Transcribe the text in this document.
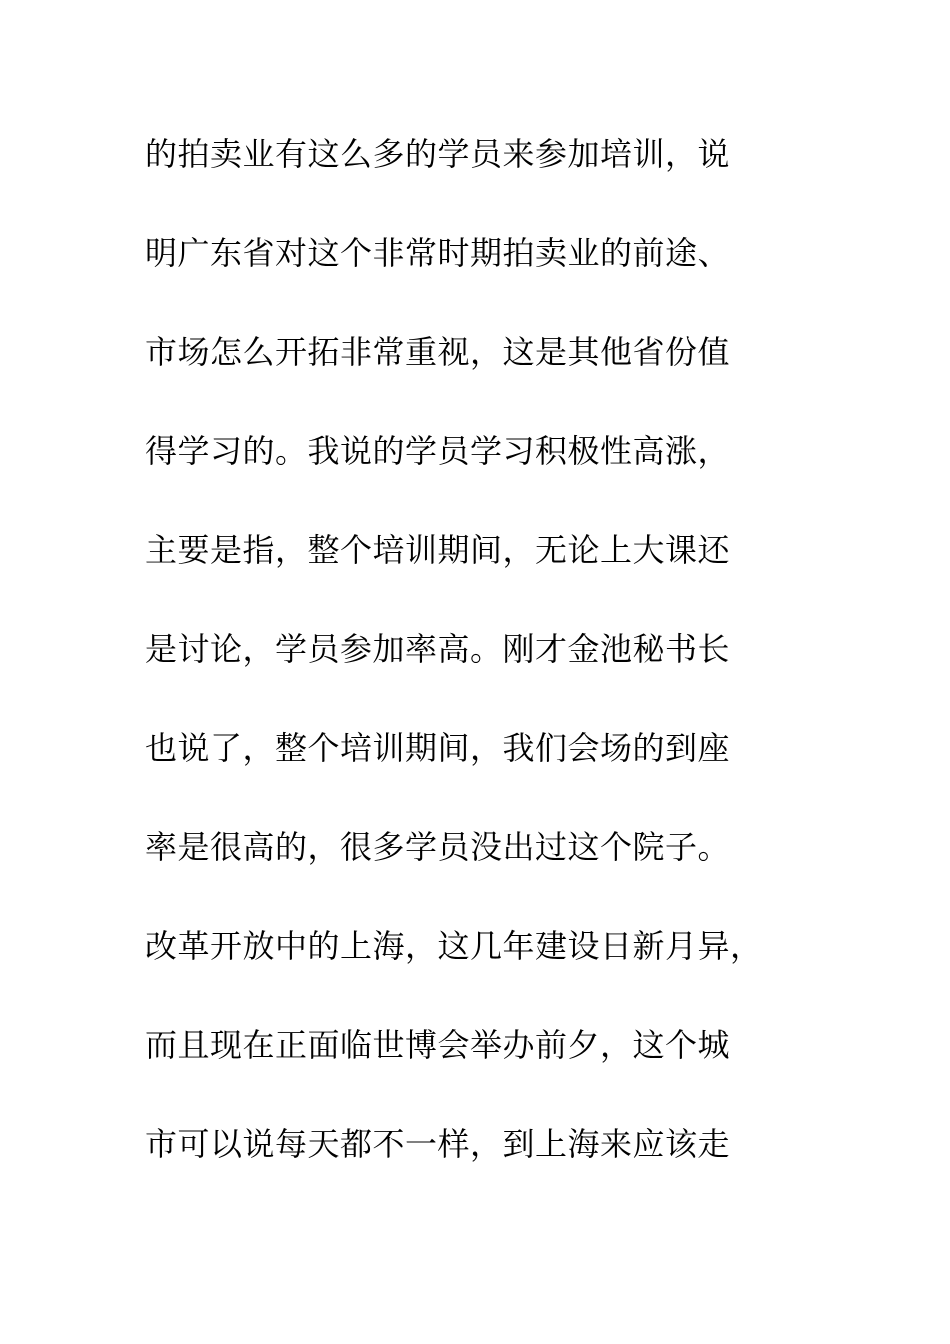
的拍卖业有这么多的学员来参加培训，说
明广东省对这个非常时期拍卖业的前途、
市场怎么开拓非常重视，这是其他省份值
得学习的。我说的学员学习积极性高涨，
主要是指，整个培训期间，无论上大课还
是讨论，学员参加率高。刚才金池秘书长
也说了，整个培训期间，我们会场的到座
率是很高的，很多学员没出过这个院子。
改革开放中的上海，这几年建设日新月异，
而且现在正面临世博会举办前夕，这个城
市可以说每天都不一样，到上海来应该走
